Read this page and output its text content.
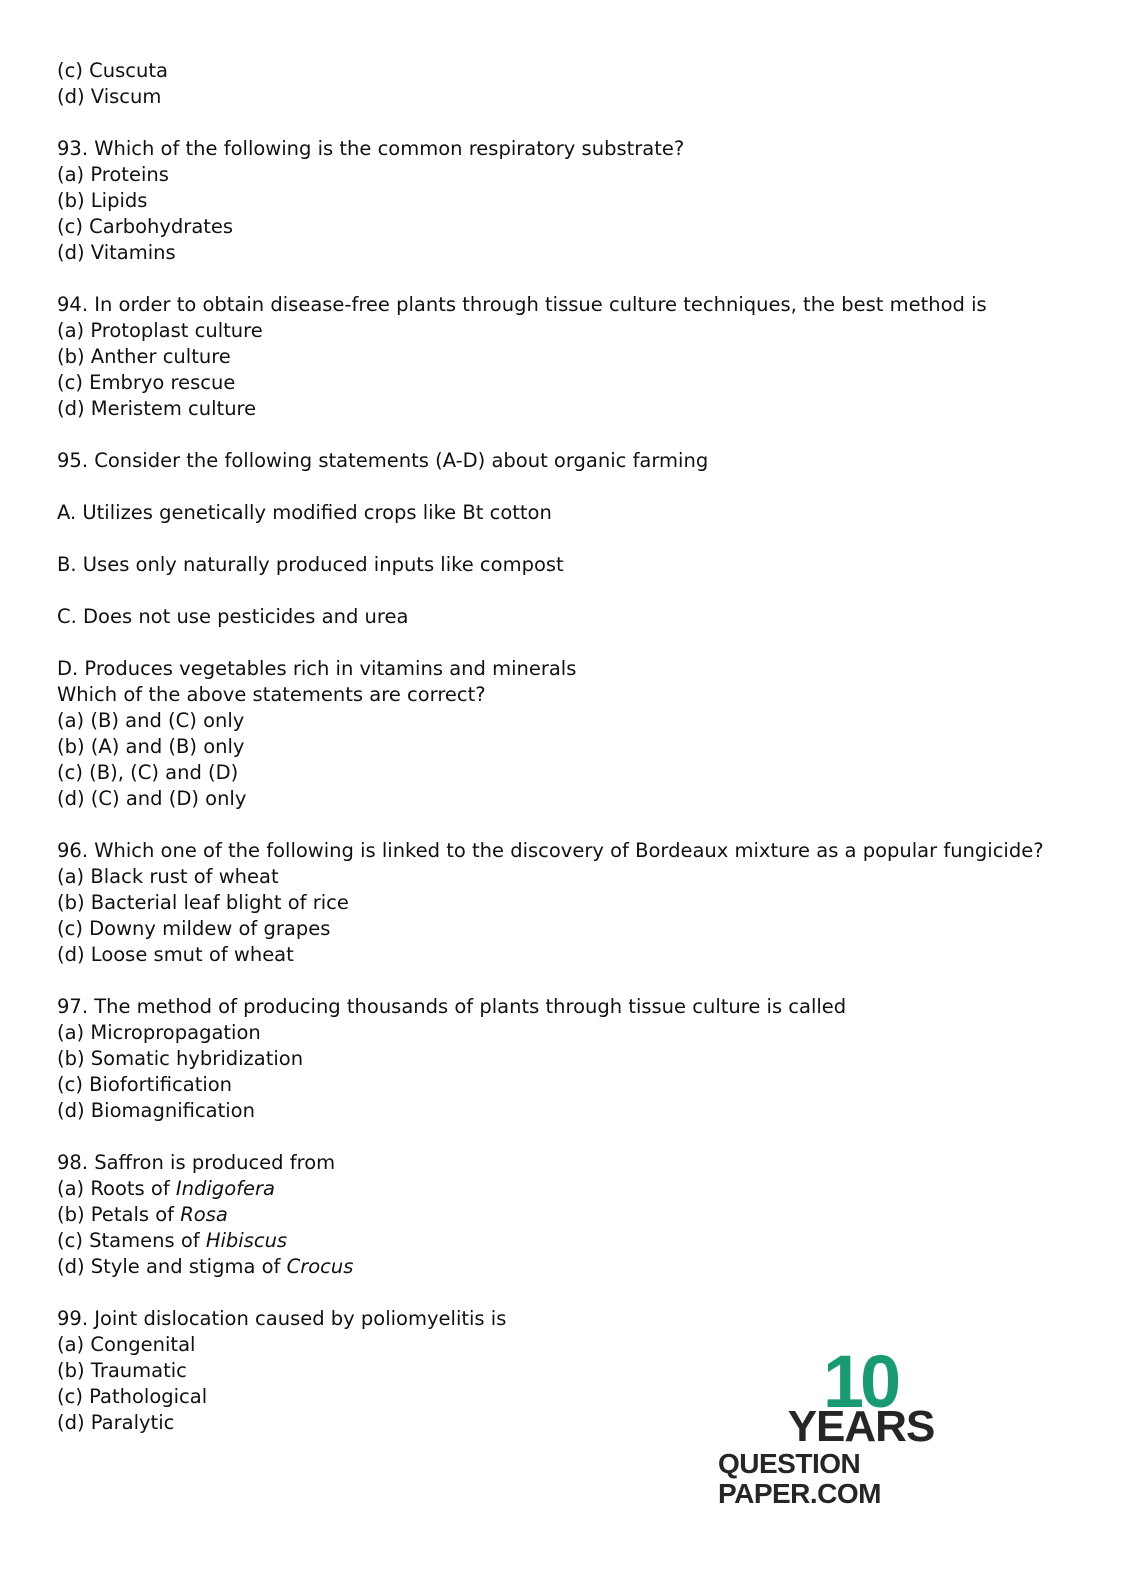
(c) Cuscuta
(d) Viscum
93. Which of the following is the common respiratory substrate?
(a) Proteins
(b) Lipids
(c) Carbohydrates
(d) Vitamins
94. In order to obtain disease-free plants through tissue culture techniques, the best method is
(a) Protoplast culture
(b) Anther culture
(c) Embryo rescue
(d) Meristem culture
95. Consider the following statements (A-D) about organic farming
A. Utilizes genetically modified crops like Bt cotton
B. Uses only naturally produced inputs like compost
C. Does not use pesticides and urea
D. Produces vegetables rich in vitamins and minerals
Which of the above statements are correct?
(a) (B) and (C) only
(b) (A) and (B) only
(c) (B), (C) and (D)
(d) (C) and (D) only
96. Which one of the following is linked to the discovery of Bordeaux mixture as a popular fungicide?
(a) Black rust of wheat
(b) Bacterial leaf blight of rice
(c) Downy mildew of grapes
(d) Loose smut of wheat
97. The method of producing thousands of plants through tissue culture is called
(a) Micropropagation
(b) Somatic hybridization
(c) Biofortification
(d) Biomagnification
98. Saffron is produced from
(a) Roots of Indigofera
(b) Petals of Rosa
(c) Stamens of Hibiscus
(d) Style and stigma of Crocus
99. Joint dislocation caused by poliomyelitis is
(a) Congenital
(b) Traumatic
(c) Pathological
(d) Paralytic	10
YEARS
QUESTION PAPER.COM
